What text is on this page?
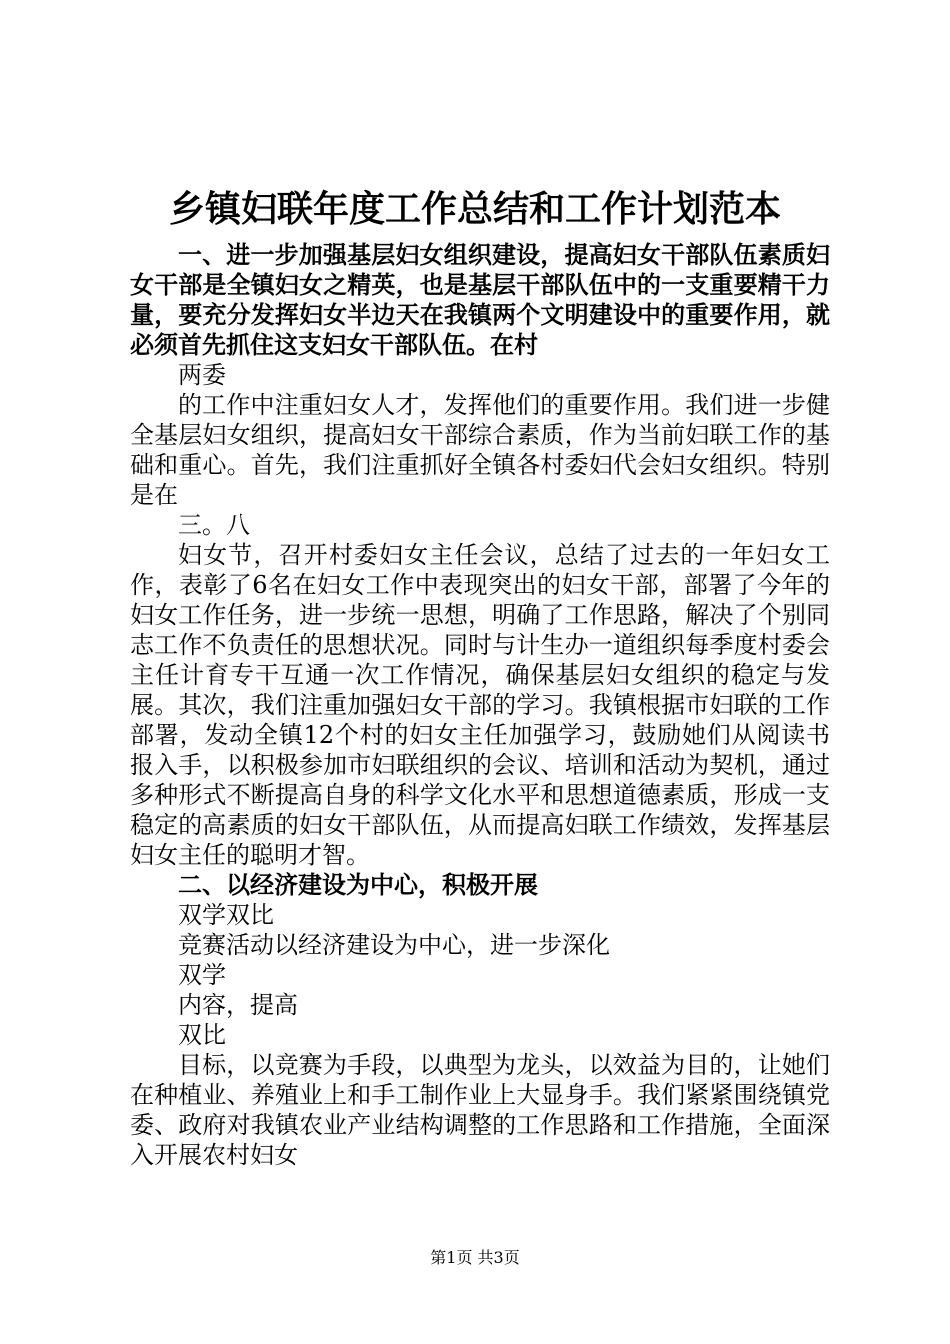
乡镇妇联年度工作总结和工作计划范本

一、进一步加强基层妇女组织建设，提高妇女干部队伍素质妇女干部是全镇妇女之精英，也是基层干部队伍中的一支重要精干力量，要充分发挥妇女半边天在我镇两个文明建设中的重要作用，就必须首先抓住这支妇女干部队伍。在村

两委

的工作中注重妇女人才，发挥他们的重要作用。我们进一步健全基层妇女组织，提高妇女干部综合素质，作为当前妇联工作的基础和重心。首先，我们注重抓好全镇各村委妇代会妇女组织。特别是在

三。八

妇女节，召开村委妇女主任会议，总结了过去的一年妇女工作，表彰了6名在妇女工作中表现突出的妇女干部，部署了今年的妇女工作任务，进一步统一思想，明确了工作思路，解决了个别同志工作不负责任的思想状况。同时与计生办一道组织每季度村委会主任计育专干互通一次工作情况，确保基层妇女组织的稳定与发展。其次，我们注重加强妇女干部的学习。我镇根据市妇联的工作部署，发动全镇12个村的妇女主任加强学习，鼓励她们从阅读书报入手，以积极参加市妇联组织的会议、培训和活动为契机，通过多种形式不断提高自身的科学文化水平和思想道德素质，形成一支稳定的高素质的妇女干部队伍，从而提高妇联工作绩效，发挥基层妇女主任的聪明才智。

二、以经济建设为中心，积极开展

双学双比

竞赛活动以经济建设为中心，进一步深化

双学

内容，提高

双比

目标，以竞赛为手段，以典型为龙头，以效益为目的，让她们在种植业、养殖业上和手工制作业上大显身手。我们紧紧围绕镇党委、政府对我镇农业产业结构调整的工作思路和工作措施，全面深入开展农村妇女

第1页 共3页
